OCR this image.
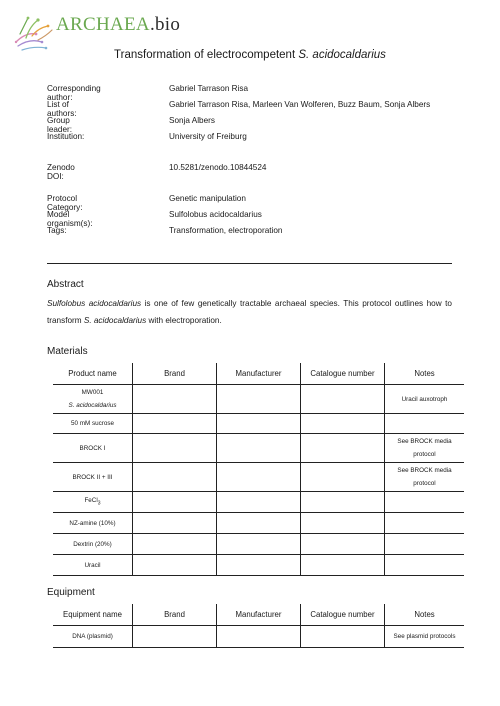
ARCHAEA.bio
Transformation of electrocompetent S. acidocaldarius
Corresponding author:
Gabriel Tarrason Risa
List of authors:
Gabriel Tarrason Risa, Marleen Van Wolferen, Buzz Baum, Sonja Albers
Group leader:
Sonja Albers
Institution:	University of Freiburg
Zenodo DOI:
10.5281/zenodo.10844524
Protocol Category:
Genetic manipulation
Model organism(s):
Sulfolobus acidocaldarius
Tags:	Transformation, electroporation
Abstract
Sulfolobus acidocaldarius is one of few genetically tractable archaeal species. This protocol outlines how to transform S. acidocaldarius with electroporation.
Materials
Product name	Brand	Manufacturer	Catalogue number	Notes
MW001
S. acidocaldarius				Uracil auxotroph
50 mM sucrose				
BROCK I				See BROCK media protocol
BROCK II + III				See BROCK media protocol
FeCl$_3$				
NZ-amine (10%)				
Dextrin (20%)				
Uracil				
Equipment
Equipment name	Brand	Manufacturer	Catalogue number	Notes
DNA (plasmid)				See plasmid protocols
